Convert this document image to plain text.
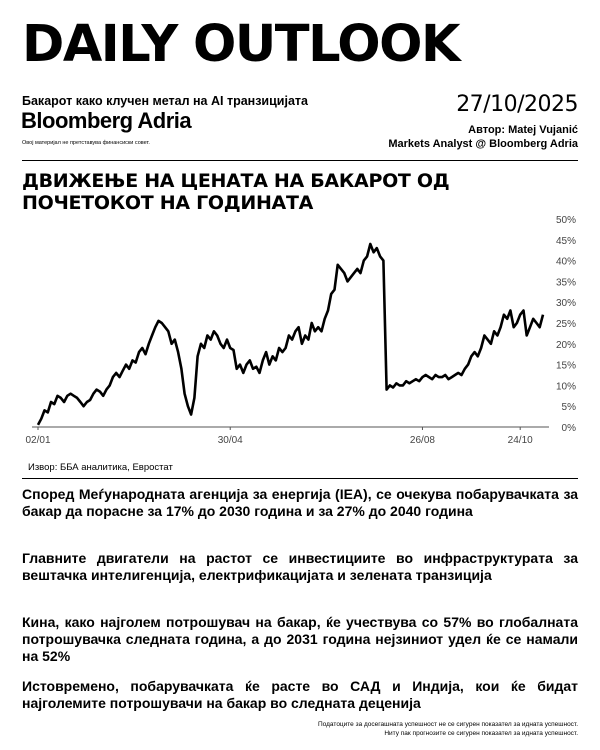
DAILY OUTLOOK
Бакарот како клучен метал на AI транзицијата
Bloomberg Adria
Овој материјал не претставува финансиски совет.
27/10/2025
Автор: Matej Vujanić
Markets Analyst @ Bloomberg Adria
ДВИЖЕЊЕ НА ЦЕНАТА НА БАКАРОТ ОД ПОЧЕТОКОТ НА ГОДИНАТА
0%
5%
10%
15%
20%
25%
30%
35%
40%
45%
50%
02/01	30/04	26/08	24/10
Извор: ББА аналитика, Евростат
Според Меѓународната агенција за енергија (IEA), се очекува побарувачката за бакар да порасне за 17% до 2030 година и за 27% до 2040 година
Главните двигатели на растот се инвестициите во инфраструктурата за вештачка интелигенција, електрификацијата и зелената транзиција
Кина, како најголем потрошувач на бакар, ќе учествува со 57% во глобалната потрошувачка следната година, а до 2031 година нејзиниот удел ќе се намали на 52%
Истовремено, побарувачката ќе расте во САД и Индија, кои ќе бидат најголемите потрошувачи на бакар во следната деценија
Податоците за досегашната успешност не се сигурен показател за идната успешност.
Ниту пак прогнозите се сигурен показател за идната успешност.
